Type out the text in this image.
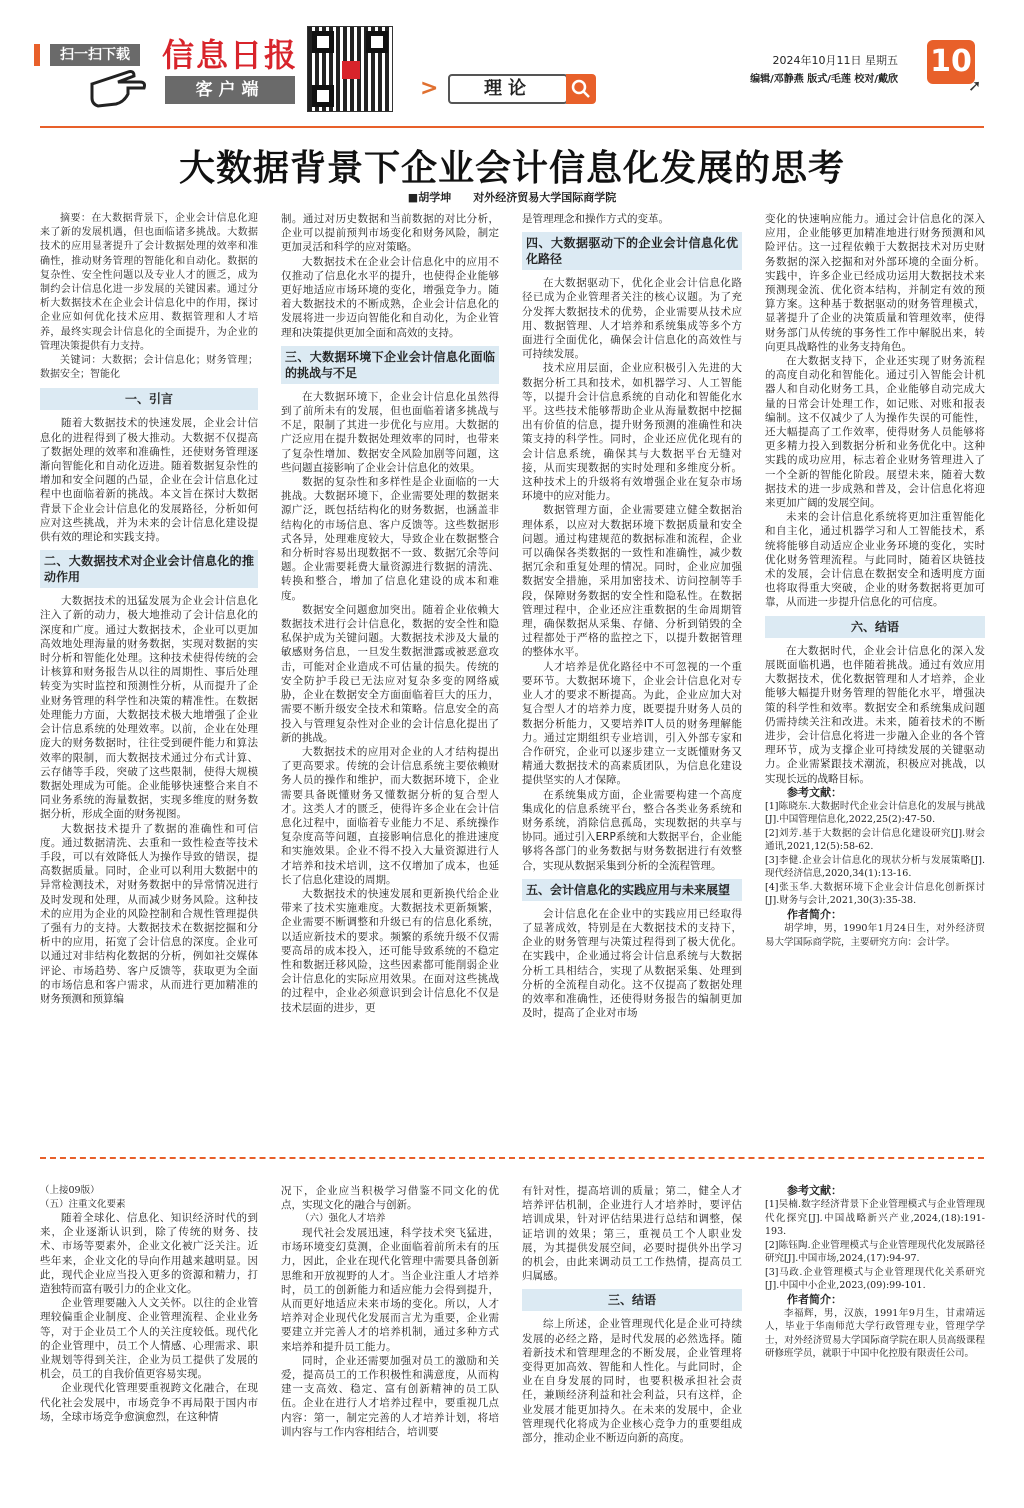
扫一扫下载	信息日报
客户端	>	理论
2024年10月11日 星期五
编辑/邓静燕 版式/毛莲 校对/戴欣
10
➚
大数据背景下企业会计信息化发展的思考
■胡学坤　　对外经济贸易大学国际商学院

摘要：在大数据背景下，企业会计信息化迎来了新的发展机遇，但也面临诸多挑战。大数据技术的应用显著提升了会计数据处理的效率和准确性，推动财务管理的智能化和自动化。数据的复杂性、安全性问题以及专业人才的匮乏，成为制约会计信息化进一步发展的关键因素。通过分析大数据技术在企业会计信息化中的作用，探讨企业应如何优化技术应用、数据管理和人才培养，最终实现会计信息化的全面提升，为企业的管理决策提供有力支持。

关键词：大数据；会计信息化；财务管理；数据安全；智能化

一、引言

随着大数据技术的快速发展，企业会计信息化的进程得到了极大推动。大数据不仅提高了数据处理的效率和准确性，还使财务管理逐渐向智能化和自动化迈进。随着数据复杂性的增加和安全问题的凸显，企业在会计信息化过程中也面临着新的挑战。本文旨在探讨大数据背景下企业会计信息化的发展路径，分析如何应对这些挑战，并为未来的会计信息化建设提供有效的理论和实践支持。

二、大数据技术对企业会计信息化的推动作用

大数据技术的迅猛发展为企业会计信息化注入了新的动力，极大地推动了会计信息化的深度和广度。通过大数据技术，企业可以更加高效地处理海量的财务数据，实现对数据的实时分析和智能化处理。这种技术使得传统的会计核算和财务报告从以往的周期性、事后处理转变为实时监控和预测性分析，从而提升了企业财务管理的科学性和决策的精准性。在数据处理能力方面，大数据技术极大地增强了企业会计信息系统的处理效率。以前，企业在处理庞大的财务数据时，往往受到硬件能力和算法效率的限制，而大数据技术通过分布式计算、云存储等手段，突破了这些限制，使得大规模数据处理成为可能。企业能够快速整合来自不同业务系统的海量数据，实现多维度的财务数据分析，形成全面的财务视图。

大数据技术提升了数据的准确性和可信度。通过数据清洗、去重和一致性检查等技术手段，可以有效降低人为操作导致的错误，提高数据质量。同时，企业可以利用大数据中的异常检测技术，对财务数据中的异常情况进行及时发现和处理，从而减少财务风险。这种技术的应用为企业的风险控制和合规性管理提供了强有力的支持。大数据技术在数据挖掘和分析中的应用，拓宽了会计信息的深度。企业可以通过对非结构化数据的分析，例如社交媒体评论、市场趋势、客户反馈等，获取更为全面的市场信息和客户需求，从而进行更加精准的财务预测和预算编

制。通过对历史数据和当前数据的对比分析，企业可以提前预判市场变化和财务风险，制定更加灵活和科学的应对策略。

大数据技术在企业会计信息化中的应用不仅推动了信息化水平的提升，也使得企业能够更好地适应市场环境的变化，增强竞争力。随着大数据技术的不断成熟，企业会计信息化的发展将进一步迈向智能化和自动化，为企业管理和决策提供更加全面和高效的支持。

三、大数据环境下企业会计信息化面临的挑战与不足

在大数据环境下，企业会计信息化虽然得到了前所未有的发展，但也面临着诸多挑战与不足，限制了其进一步优化与应用。大数据的广泛应用在提升数据处理效率的同时，也带来了复杂性增加、数据安全风险加剧等问题，这些问题直接影响了企业会计信息化的效果。

数据的复杂性和多样性是企业面临的一大挑战。大数据环境下，企业需要处理的数据来源广泛，既包括结构化的财务数据，也涵盖非结构化的市场信息、客户反馈等。这些数据形式各异，处理难度较大，导致企业在数据整合和分析时容易出现数据不一致、数据冗余等问题。企业需要耗费大量资源进行数据的清洗、转换和整合，增加了信息化建设的成本和难度。

数据安全问题愈加突出。随着企业依赖大数据技术进行会计信息化，数据的安全性和隐私保护成为关键问题。大数据技术涉及大量的敏感财务信息，一旦发生数据泄露或被恶意攻击，可能对企业造成不可估量的损失。传统的安全防护手段已无法应对复杂多变的网络威胁，企业在数据安全方面面临着巨大的压力，需要不断升级安全技术和策略。信息安全的高投入与管理复杂性对企业的会计信息化提出了新的挑战。

大数据技术的应用对企业的人才结构提出了更高要求。传统的会计信息系统主要依赖财务人员的操作和维护，而大数据环境下，企业需要具备既懂财务又懂数据分析的复合型人才。这类人才的匮乏，使得许多企业在会计信息化过程中，面临着专业能力不足、系统操作复杂度高等问题，直接影响信息化的推进速度和实施效果。企业不得不投入大量资源进行人才培养和技术培训，这不仅增加了成本，也延长了信息化建设的周期。

大数据技术的快速发展和更新换代给企业带来了技术实施难度。大数据技术更新频繁，企业需要不断调整和升级已有的信息化系统，以适应新技术的要求。频繁的系统升级不仅需要高昂的成本投入，还可能导致系统的不稳定性和数据迁移风险，这些因素都可能削弱企业会计信息化的实际应用效果。在面对这些挑战的过程中，企业必须意识到会计信息化不仅是技术层面的进步，更

是管理理念和操作方式的变革。

四、大数据驱动下的企业会计信息化优化路径

在大数据驱动下，优化企业会计信息化路径已成为企业管理者关注的核心议题。为了充分发挥大数据技术的优势，企业需要从技术应用、数据管理、人才培养和系统集成等多个方面进行全面优化，确保会计信息化的高效性与可持续发展。

技术应用层面，企业应积极引入先进的大数据分析工具和技术，如机器学习、人工智能等，以提升会计信息系统的自动化和智能化水平。这些技术能够帮助企业从海量数据中挖掘出有价值的信息，提升财务预测的准确性和决策支持的科学性。同时，企业还应优化现有的会计信息系统，确保其与大数据平台无缝对接，从而实现数据的实时处理和多维度分析。这种技术上的升级将有效增强企业在复杂市场环境中的应对能力。

数据管理方面，企业需要建立健全数据治理体系，以应对大数据环境下数据质量和安全问题。通过构建规范的数据标准和流程，企业可以确保各类数据的一致性和准确性，减少数据冗余和重复处理的情况。同时，企业应加强数据安全措施，采用加密技术、访问控制等手段，保障财务数据的安全性和隐私性。在数据管理过程中，企业还应注重数据的生命周期管理，确保数据从采集、存储、分析到销毁的全过程都处于严格的监控之下，以提升数据管理的整体水平。

人才培养是优化路径中不可忽视的一个重要环节。大数据环境下，企业会计信息化对专业人才的要求不断提高。为此，企业应加大对复合型人才的培养力度，既要提升财务人员的数据分析能力，又要培养IT人员的财务理解能力。通过定期组织专业培训，引入外部专家和合作研究，企业可以逐步建立一支既懂财务又精通大数据技术的高素质团队，为信息化建设提供坚实的人才保障。

在系统集成方面，企业需要构建一个高度集成化的信息系统平台，整合各类业务系统和财务系统，消除信息孤岛，实现数据的共享与协同。通过引入ERP系统和大数据平台，企业能够将各部门的业务数据与财务数据进行有效整合，实现从数据采集到分析的全流程管理。

五、会计信息化的实践应用与未来展望

会计信息化在企业中的实践应用已经取得了显著成效，特别是在大数据技术的支持下，企业的财务管理与决策过程得到了极大优化。在实践中，企业通过将会计信息系统与大数据分析工具相结合，实现了从数据采集、处理到分析的全流程自动化。这不仅提高了数据处理的效率和准确性，还使得财务报告的编制更加及时，提高了企业对市场

变化的快速响应能力。通过会计信息化的深入应用，企业能够更加精准地进行财务预测和风险评估。这一过程依赖于大数据技术对历史财务数据的深入挖掘和对外部环境的全面分析。实践中，许多企业已经成功运用大数据技术来预测现金流、优化资本结构，并制定有效的预算方案。这种基于数据驱动的财务管理模式，显著提升了企业的决策质量和管理效率，使得财务部门从传统的事务性工作中解脱出来，转向更具战略性的业务支持角色。

在大数据支持下，企业还实现了财务流程的高度自动化和智能化。通过引入智能会计机器人和自动化财务工具，企业能够自动完成大量的日常会计处理工作，如记账、对账和报表编制。这不仅减少了人为操作失误的可能性，还大幅提高了工作效率，使得财务人员能够将更多精力投入到数据分析和业务优化中。这种实践的成功应用，标志着企业财务管理进入了一个全新的智能化阶段。展望未来，随着大数据技术的进一步成熟和普及，会计信息化将迎来更加广阔的发展空间。

未来的会计信息化系统将更加注重智能化和自主化，通过机器学习和人工智能技术，系统将能够自动适应企业业务环境的变化，实时优化财务管理流程。与此同时，随着区块链技术的发展，会计信息在数据安全和透明度方面也将取得重大突破，企业的财务数据将更加可靠，从而进一步提升信息化的可信度。

六、结语

在大数据时代，企业会计信息化的深入发展既面临机遇，也伴随着挑战。通过有效应用大数据技术，优化数据管理和人才培养，企业能够大幅提升财务管理的智能化水平，增强决策的科学性和效率。数据安全和系统集成问题仍需持续关注和改进。未来，随着技术的不断进步，会计信息化将进一步融入企业的各个管理环节，成为支撑企业可持续发展的关键驱动力。企业需紧跟技术潮流，积极应对挑战，以实现长远的战略目标。

参考文献：

[1]陈晓东.大数据时代企业会计信息化的发展与挑战[J].中国管理信息化,2022,25(2):47-50.

[2]刘芳.基于大数据的会计信息化建设研究[J].财会通讯,2021,12(5):58-62.

[3]李健.企业会计信息化的现状分析与发展策略[J].现代经济信息,2020,34(1):13-16.

[4]张玉华.大数据环境下企业会计信息化创新探讨[J].财务与会计,2021,30(3):35-38.

作者简介：

胡学坤，男，1990年1月24日生，对外经济贸易大学国际商学院，主要研究方向：会计学。

（上接09版）

（五）注重文化要素

随着全球化、信息化、知识经济时代的到来，企业逐渐认识到，除了传统的财务、技术、市场等要素外，企业文化被广泛关注。近些年来，企业文化的导向作用越来越明显。因此，现代企业应当投入更多的资源和精力，打造独特而富有吸引力的企业文化。

企业管理要融入人文关怀。以往的企业管理较偏重企业制度、企业管理流程、企业业务等，对于企业员工个人的关注度较低。现代化的企业管理中，员工个人情感、心理需求、职业规划等得到关注，企业为员工提供了发展的机会，员工的自我价值更容易实现。

企业现代化管理要重视跨文化融合，在现代化社会发展中，市场竞争不再局限于国内市场，全球市场竞争愈演愈烈，在这种情

况下，企业应当积极学习借鉴不同文化的优点，实现文化的融合与创新。

（六）强化人才培养

现代社会发展迅速，科学技术突飞猛进，市场环境变幻莫测，企业面临着前所未有的压力，因此，企业在现代化管理中需要具备创新思维和开放视野的人才。当企业注重人才培养时，员工的创新能力和适应能力会得到提升，从而更好地适应未来市场的变化。所以，人才培养对企业现代化发展而言尤为重要，企业需要建立并完善人才的培养机制，通过多种方式来培养和提升员工能力。

同时，企业还需要加强对员工的激励和关爱，提高员工的工作积极性和满意度，从而构建一支高效、稳定、富有创新精神的员工队伍。企业在进行人才培养过程中，要重视几点内容：第一，制定完善的人才培养计划，将培训内容与工作内容相结合，培训要

有针对性，提高培训的质量；第二，健全人才培养评估机制，企业进行人才培养时，要评估培训成果，针对评估结果进行总结和调整，保证培训的效果；第三，重视员工个人职业发展，为其提供发展空间，必要时提供外出学习的机会，由此来调动员工工作热情，提高员工归属感。

三、结语

综上所述，企业管理现代化是企业可持续发展的必经之路，是时代发展的必然选择。随着新技术和管理理念的不断发展，企业管理将变得更加高效、智能和人性化。与此同时，企业在自身发展的同时，也要积极承担社会责任，兼顾经济利益和社会利益，只有这样，企业发展才能更加持久。在未来的发展中，企业管理现代化将成为企业核心竞争力的重要组成部分，推动企业不断迈向新的高度。

参考文献：

[1]吴楠.数字经济背景下企业管理模式与企业管理现代化探究[J].中国战略新兴产业,2024,(18):191-193.

[2]陈钰陶.企业管理模式与企业管理现代化发展路径研究[J].中国市场,2024,(17):94-97.

[3]马政.企业管理模式与企业管理现代化关系研究[J].中国中小企业,2023,(09):99-101.

作者简介：

李福辉，男，汉族，1991年9月生，甘肃靖远人，毕业于华南师范大学行政管理专业，管理学学士，对外经济贸易大学国际商学院在职人员高级课程研修班学员，就职于中国中化控股有限责任公司。
